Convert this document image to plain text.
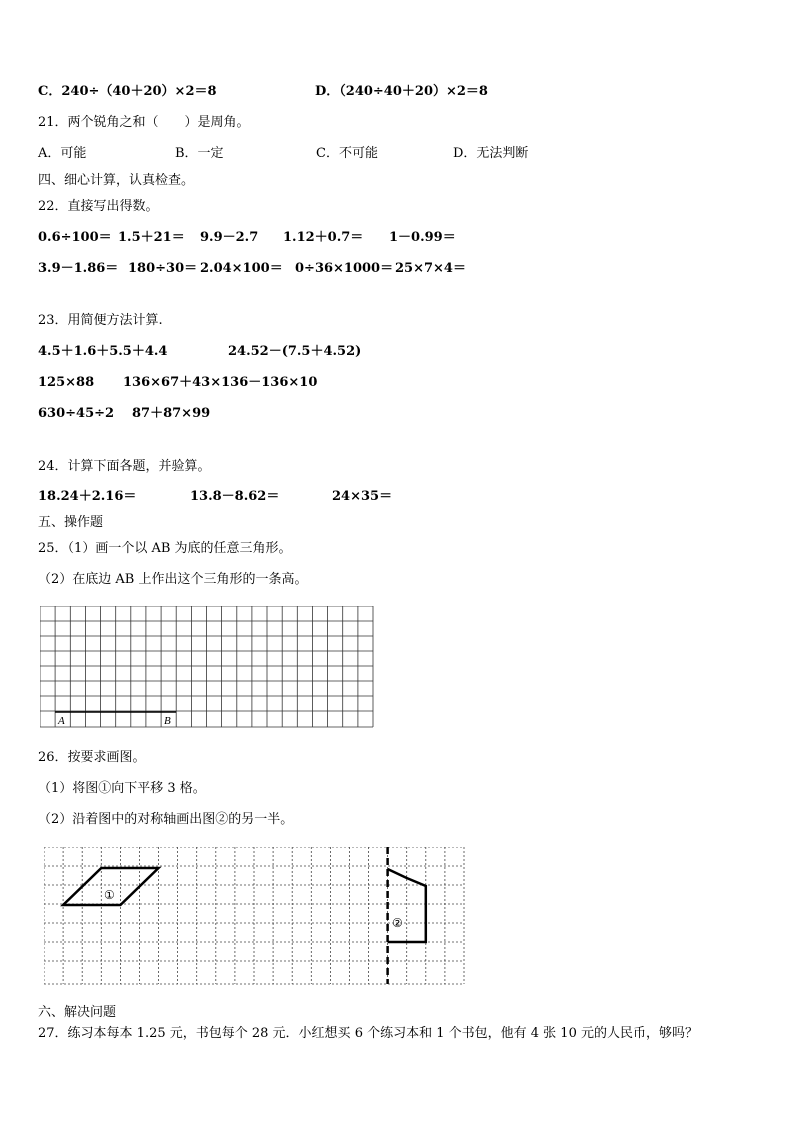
C．240÷（40＋20）×2＝8	D．（240÷40＋20）×2＝8
21．两个锐角之和（　　）是周角。
A．可能	B．一定	C．不可能	D．无法判断
四、细心计算，认真检查。
22．直接写出得数。
0.6÷100＝ 1.5＋21＝ 9.9－2.7 1.12＋0.7＝ 1－0.99＝
3.9－1.86＝ 180÷30＝ 2.04×100＝ 0÷36×1000＝ 25×7×4＝
23．用简便方法计算.
4.5＋1.6＋5.5＋4.4	24.52－(7.5＋4.52)
125×88 136×67＋43×136－136×10
630÷45÷2 87＋87×99
24．计算下面各题，并验算。
18.24＋2.16＝	13.8－8.62＝	24×35＝
五、操作题
25．（1）画一个以 AB 为底的任意三角形。
（2）在底边 AB 上作出这个三角形的一条高。
A	B
26．按要求画图。
（1）将图①向下平移 3 格。
（2）沿着图中的对称轴画出图②的另一半。
①
②
六、解决问题
27．练习本每本 1.25 元，书包每个 28 元．小红想买 6 个练习本和 1 个书包，他有 4 张 10 元的人民币，够吗？
